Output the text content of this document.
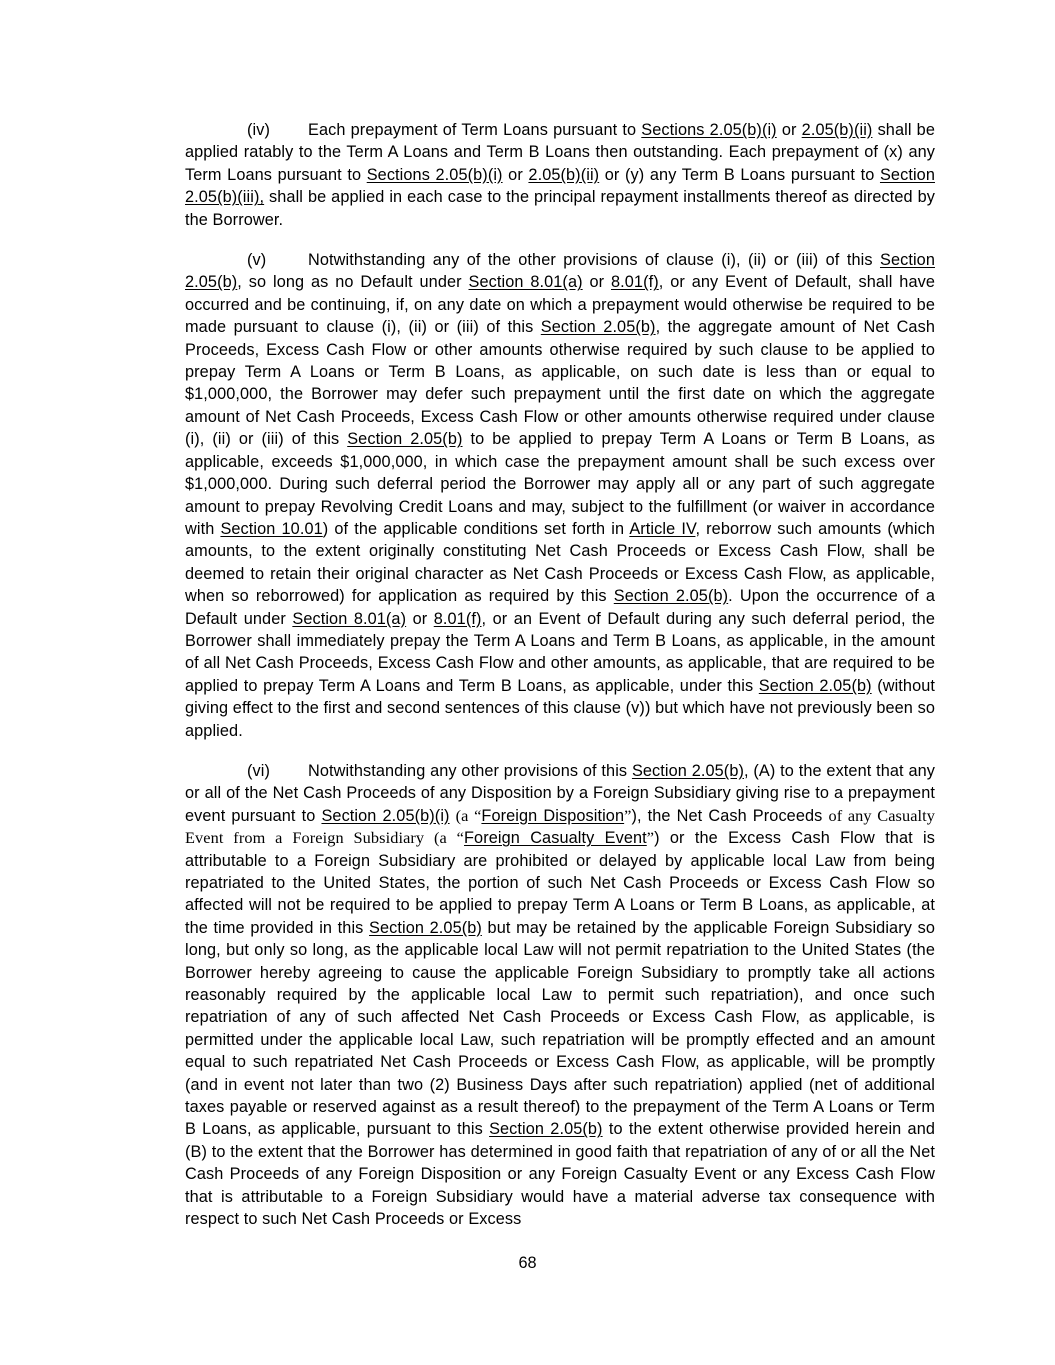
(iv) Each prepayment of Term Loans pursuant to Sections 2.05(b)(i) or 2.05(b)(ii) shall be applied ratably to the Term A Loans and Term B Loans then outstanding. Each prepayment of (x) any Term Loans pursuant to Sections 2.05(b)(i) or 2.05(b)(ii) or (y) any Term B Loans pursuant to Section 2.05(b)(iii), shall be applied in each case to the principal repayment installments thereof as directed by the Borrower.

(v)	Notwithstanding any of the other provisions of clause (i), (ii) or (iii) of this Section 2.05(b), so long as no Default under Section 8.01(a) or 8.01(f), or any Event of Default, shall have occurred and be continuing, if, on any date on which a prepayment would otherwise be required to be made pursuant to clause (i), (ii) or (iii) of this Section 2.05(b), the aggregate amount of Net Cash Proceeds, Excess Cash Flow or other amounts otherwise required by such clause to be applied to prepay Term A Loans or Term B Loans, as applicable, on such date is less than or equal to $1,000,000, the Borrower may defer such prepayment until the first date on which the aggregate amount of Net Cash Proceeds, Excess Cash Flow or other amounts otherwise required under clause (i), (ii) or (iii) of this Section 2.05(b) to be applied to prepay Term A Loans or Term B Loans, as applicable, exceeds $1,000,000, in which case the prepayment amount shall be such excess over $1,000,000. During such deferral period the Borrower may apply all or any part of such aggregate amount to prepay Revolving Credit Loans and may, subject to the fulfillment (or waiver in accordance with Section 10.01) of the applicable conditions set forth in Article IV, reborrow such amounts (which amounts, to the extent originally constituting Net Cash Proceeds or Excess Cash Flow, shall be deemed to retain their original character as Net Cash Proceeds or Excess Cash Flow, as applicable, when so reborrowed) for application as required by this Section 2.05(b). Upon the occurrence of a Default under Section 8.01(a) or 8.01(f), or an Event of Default during any such deferral period, the Borrower shall immediately prepay the Term A Loans and Term B Loans, as applicable, in the amount of all Net Cash Proceeds, Excess Cash Flow and other amounts, as applicable, that are required to be applied to prepay Term A Loans and Term B Loans, as applicable, under this Section 2.05(b) (without giving effect to the first and second sentences of this clause (v)) but which have not previously been so applied.

(vi) Notwithstanding any other provisions of this Section 2.05(b), (A) to the extent that any or all of the Net Cash Proceeds of any Disposition by a Foreign Subsidiary giving rise to a prepayment event pursuant to Section 2.05(b)(i) (a “Foreign Disposition”), the Net Cash Proceeds of any Casualty Event from a Foreign Subsidiary (a “Foreign Casualty Event”) or the Excess Cash Flow that is attributable to a Foreign Subsidiary are prohibited or delayed by applicable local Law from being repatriated to the United States, the portion of such Net Cash Proceeds or Excess Cash Flow so affected will not be required to be applied to prepay Term A Loans or Term B Loans, as applicable, at the time provided in this Section 2.05(b) but may be retained by the applicable Foreign Subsidiary so long, but only so long, as the applicable local Law will not permit repatriation to the United States (the Borrower hereby agreeing to cause the applicable Foreign Subsidiary to promptly take all actions reasonably required by the applicable local Law to permit such repatriation), and once such repatriation of any of such affected Net Cash Proceeds or Excess Cash Flow, as applicable, is permitted under the applicable local Law, such repatriation will be promptly effected and an amount equal to such repatriated Net Cash Proceeds or Excess Cash Flow, as applicable, will be promptly (and in event not later than two (2) Business Days after such repatriation) applied (net of additional taxes payable or reserved against as a result thereof) to the prepayment of the Term A Loans or Term B Loans, as applicable, pursuant to this Section 2.05(b) to the extent otherwise provided herein and (B) to the extent that the Borrower has determined in good faith that repatriation of any of or all the Net Cash Proceeds of any Foreign Disposition or any Foreign Casualty Event or any Excess Cash Flow that is attributable to a Foreign Subsidiary would have a material adverse tax consequence with respect to such Net Cash Proceeds or Excess

68
